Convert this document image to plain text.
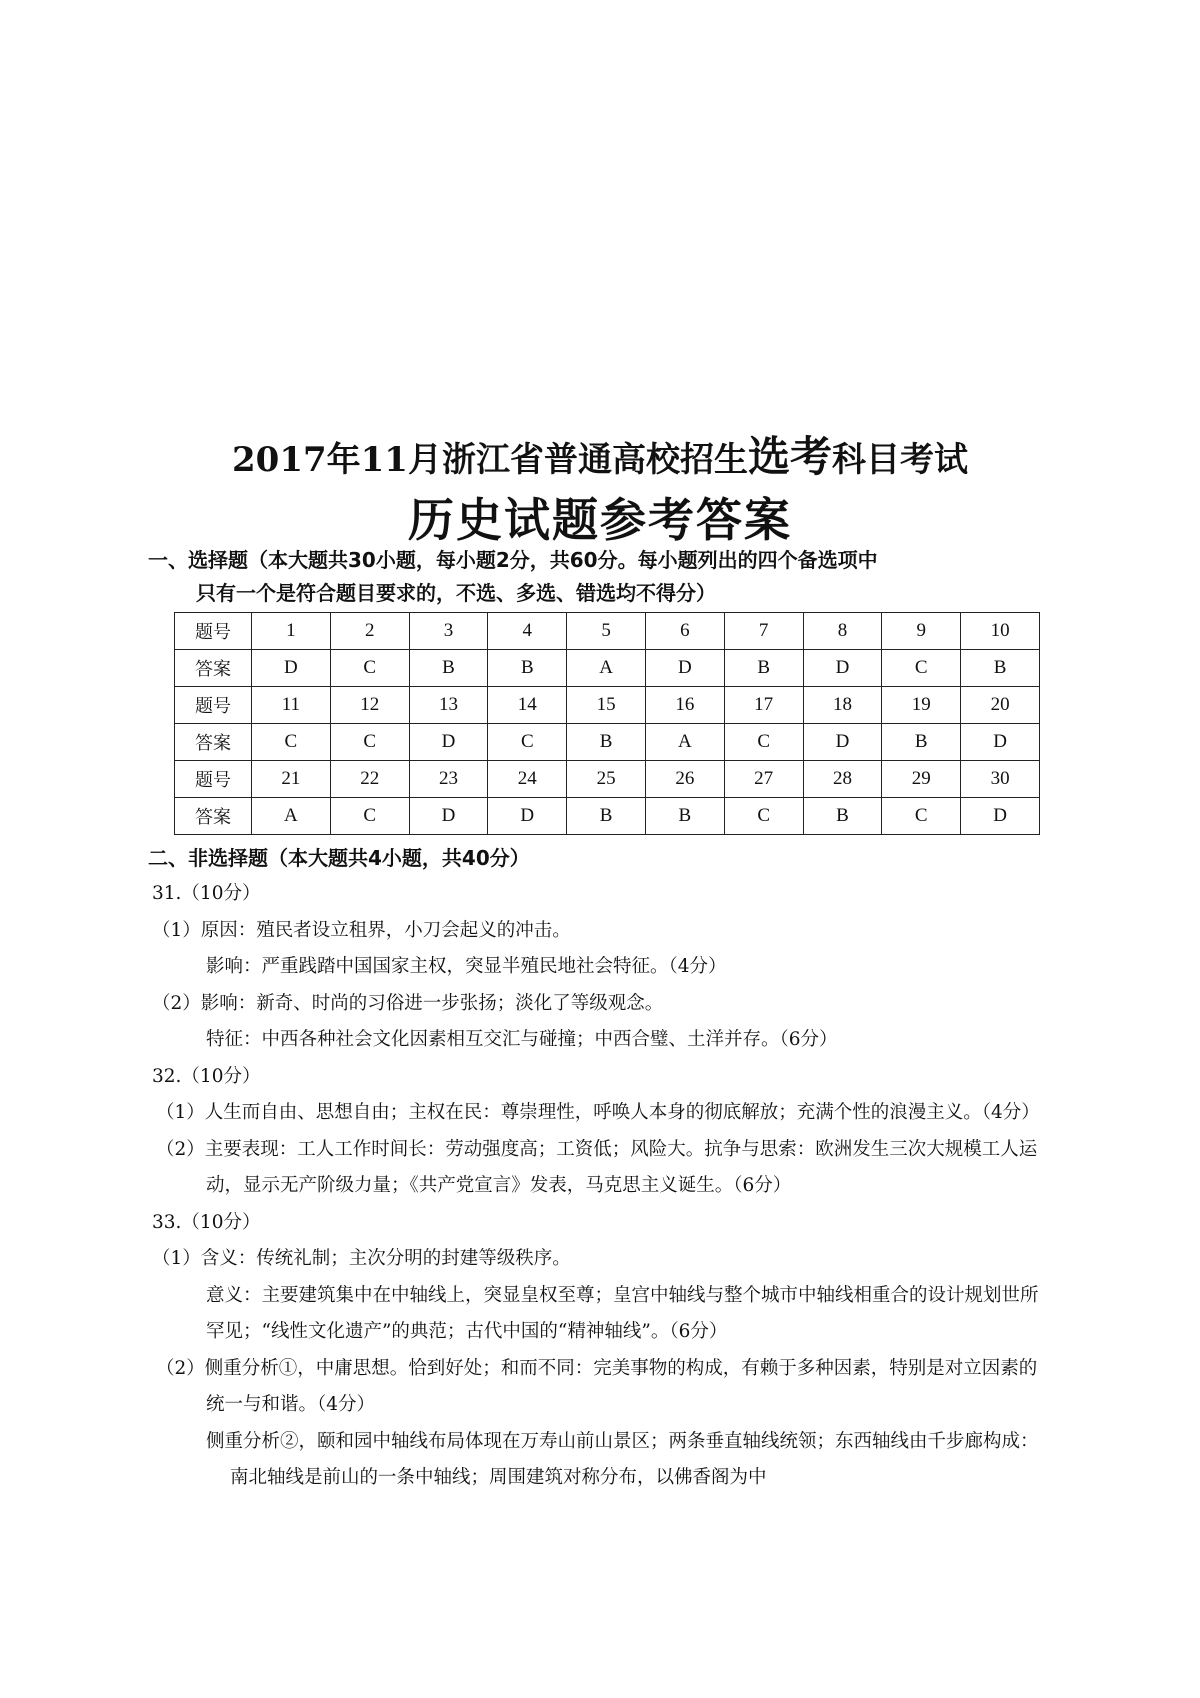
2017年11月浙江省普通高校招生选考科目考试
历史试题参考答案
一、选择题（本大题共30小题，每小题2分，共60分。每小题列出的四个备选项中
只有一个是符合题目要求的，不选、多选、错选均不得分）
题号	1	2	3	4	5	6	7	8	9	10
答案	D	C	B	B	A	D	B	D	C	B
题号	11	12	13	14	15	16	17	18	19	20
答案	C	C	D	C	B	A	C	D	B	D
题号	21	22	23	24	25	26	27	28	29	30
答案	A	C	D	D	B	B	C	B	C	D
二、非选择题（本大题共4小题，共40分）

31.（10分）

（1）原因：殖民者设立租界，小刀会起义的冲击。

影响：严重践踏中国国家主权，突显半殖民地社会特征。（4分）

（2）影响：新奇、时尚的习俗进一步张扬；淡化了等级观念。

特征：中西各种社会文化因素相互交汇与碰撞；中西合璧、土洋并存。（6分）

32.（10分）

（1）人生而自由、思想自由；主权在民：尊崇理性，呼唤人本身的彻底解放；充满个性的浪漫主义。（4分）

（2）主要表现：工人工作时间长：劳动强度高；工资低；风险大。抗争与思索：欧洲发生三次大规模工人运动，显示无产阶级力量；《共产党宣言》发表，马克思主义诞生。（6分）

33.（10分）

（1）含义：传统礼制；主次分明的封建等级秩序。

意义：主要建筑集中在中轴线上，突显皇权至尊；皇宫中轴线与整个城市中轴线相重合的设计规划世所罕见；“线性文化遗产”的典范；古代中国的“精神轴线”。（6分）

（2）侧重分析①，中庸思想。恰到好处；和而不同：完美事物的构成，有赖于多种因素，特别是对立因素的统一与和谐。（4分）

侧重分析②，颐和园中轴线布局体现在万寿山前山景区；两条垂直轴线统领；东西轴线由千步廊构成：南北轴线是前山的一条中轴线；周围建筑对称分布，以佛香阁为中
